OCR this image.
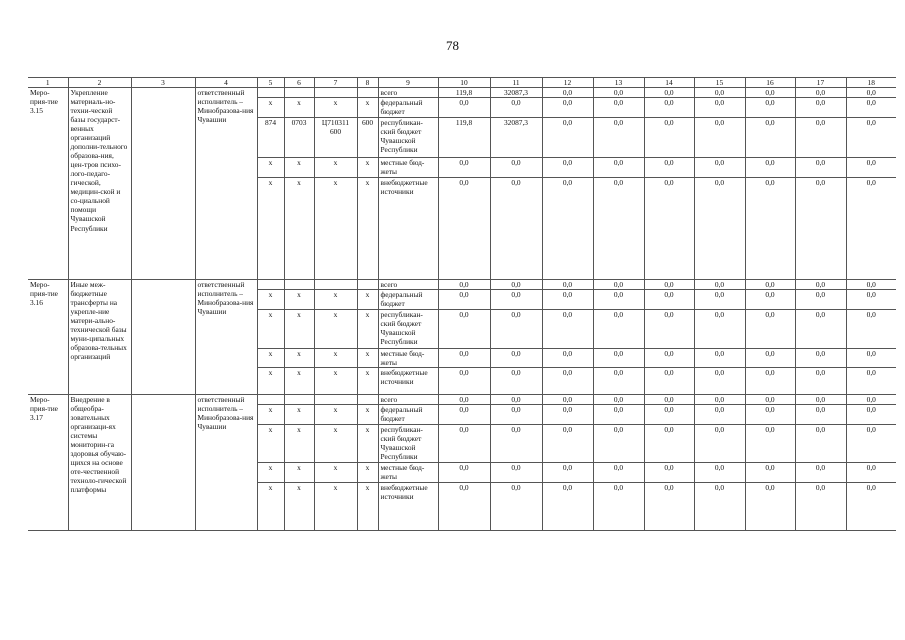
78
1	2	3	4	5	6	7	8	9	10	11	12	13	14	15	16	17	18
Меро-прия-тие 3.15	Укрепление материаль-но-техни-ческой базы государст-венных организаций дополни-тельного образова-ния, цен-тров психо-лого-педаго-гической, медицин-ской и со-циальной помощи Чувашской Республики		ответственный исполнитель – Минобразова-ния Чувашии					всего	119,8	32087,3	0,0	0,0	0,0	0,0	0,0	0,0	0,0
				x	x	x	x	федеральный бюджет	0,0	0,0	0,0	0,0	0,0	0,0	0,0	0,0	0,0
				874	0703	Ц710311 600	600	республикан-ский бюджет Чувашской Республики	119,8	32087,3	0,0	0,0	0,0	0,0	0,0	0,0	0,0
				x	x	x	x	местные бюд-жеты	0,0	0,0	0,0	0,0	0,0	0,0	0,0	0,0	0,0
				x	x	x	x	внебюджетные источники	0,0	0,0	0,0	0,0	0,0	0,0	0,0	0,0	0,0
Меро-прия-тие 3.16	Иные меж-бюджетные трансферты на укрепле-ние матери-ально-технической базы муни-ципальных образова-тельных организаций		ответственный исполнитель – Минобразова-ния Чувашии					всего	0,0	0,0	0,0	0,0	0,0	0,0	0,0	0,0	0,0
				x	x	x	x	федеральный бюджет	0,0	0,0	0,0	0,0	0,0	0,0	0,0	0,0	0,0
				x	x	x	x	республикан-ский бюджет Чувашской Республики	0,0	0,0	0,0	0,0	0,0	0,0	0,0	0,0	0,0
				x	x	x	x	местные бюд-жеты	0,0	0,0	0,0	0,0	0,0	0,0	0,0	0,0	0,0
				x	x	x	x	внебюджетные источники	0,0	0,0	0,0	0,0	0,0	0,0	0,0	0,0	0,0
Меро-прия-тие 3.17	Внедрение в общеобра-зовательных организаци-ях системы мониторин-га здоровья обучаю-щихся на основе оте-чественной техноло-гической платформы		ответственный исполнитель – Минобразова-ния Чувашии					всего	0,0	0,0	0,0	0,0	0,0	0,0	0,0	0,0	0,0
				x	x	x	x	федеральный бюджет	0,0	0,0	0,0	0,0	0,0	0,0	0,0	0,0	0,0
				x	x	x	x	республикан-ский бюджет Чувашской Республики	0,0	0,0	0,0	0,0	0,0	0,0	0,0	0,0	0,0
				x	x	x	x	местные бюд-жеты	0,0	0,0	0,0	0,0	0,0	0,0	0,0	0,0	0,0
				x	x	x	x	внебюджетные источники	0,0	0,0	0,0	0,0	0,0	0,0	0,0	0,0	0,0
